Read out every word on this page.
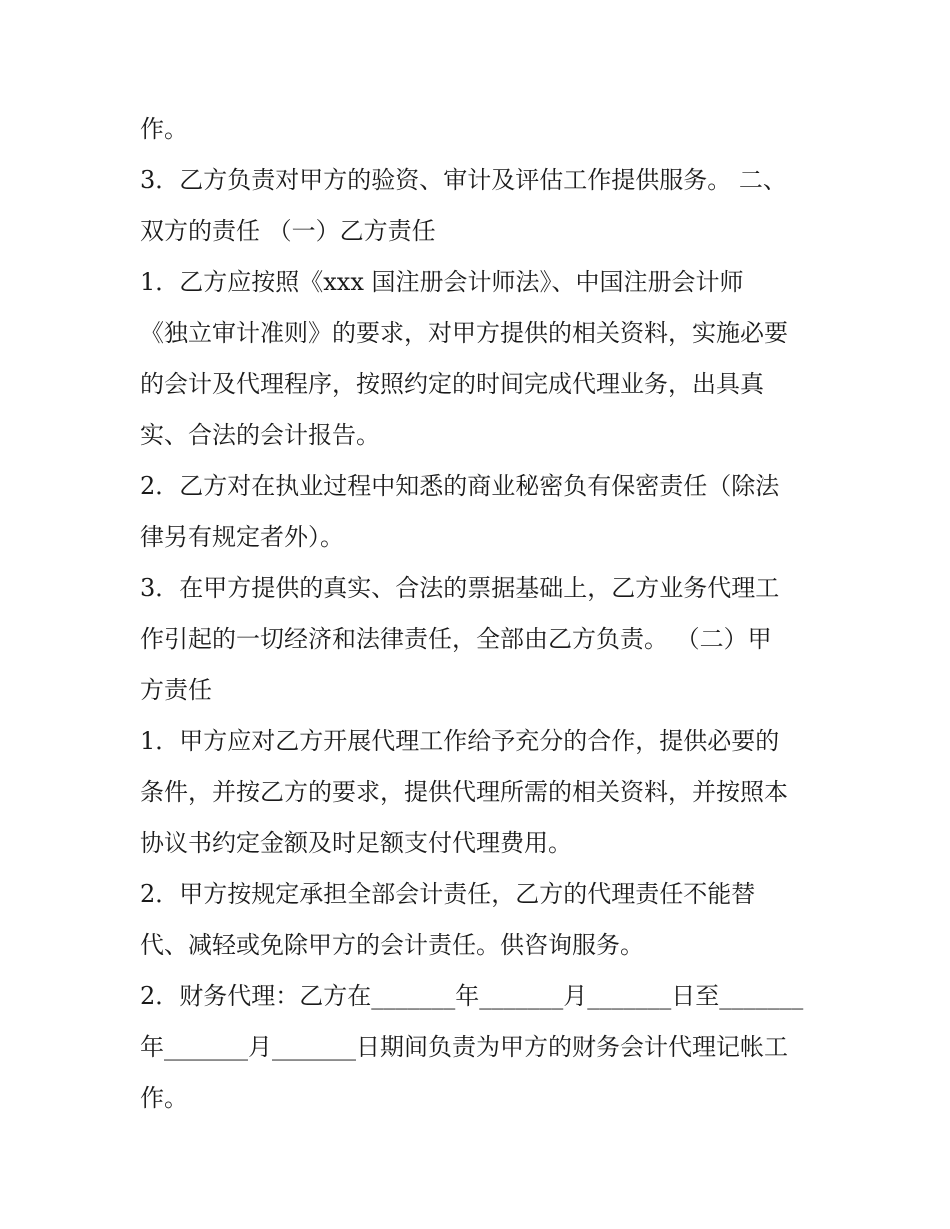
作。
3．乙方负责对甲方的验资、审计及评估工作提供服务。 二、
双方的责任 （一）乙方责任
1．乙方应按照《xxx 国注册会计师法》、中国注册会计师
《独立审计准则》的要求，对甲方提供的相关资料，实施必要
的会计及代理程序，按照约定的时间完成代理业务，出具真
实、合法的会计报告。
2．乙方对在执业过程中知悉的商业秘密负有保密责任（除法
律另有规定者外）。
3．在甲方提供的真实、合法的票据基础上，乙方业务代理工
作引起的一切经济和法律责任，全部由乙方负责。 （二）甲
方责任
1．甲方应对乙方开展代理工作给予充分的合作，提供必要的
条件，并按乙方的要求，提供代理所需的相关资料，并按照本
协议书约定金额及时足额支付代理费用。
2．甲方按规定承担全部会计责任，乙方的代理责任不能替
代、减轻或免除甲方的会计责任。供咨询服务。
2．财务代理：乙方在_______年_______月_______日至_______
年_______月_______日期间负责为甲方的财务会计代理记帐工
作。
